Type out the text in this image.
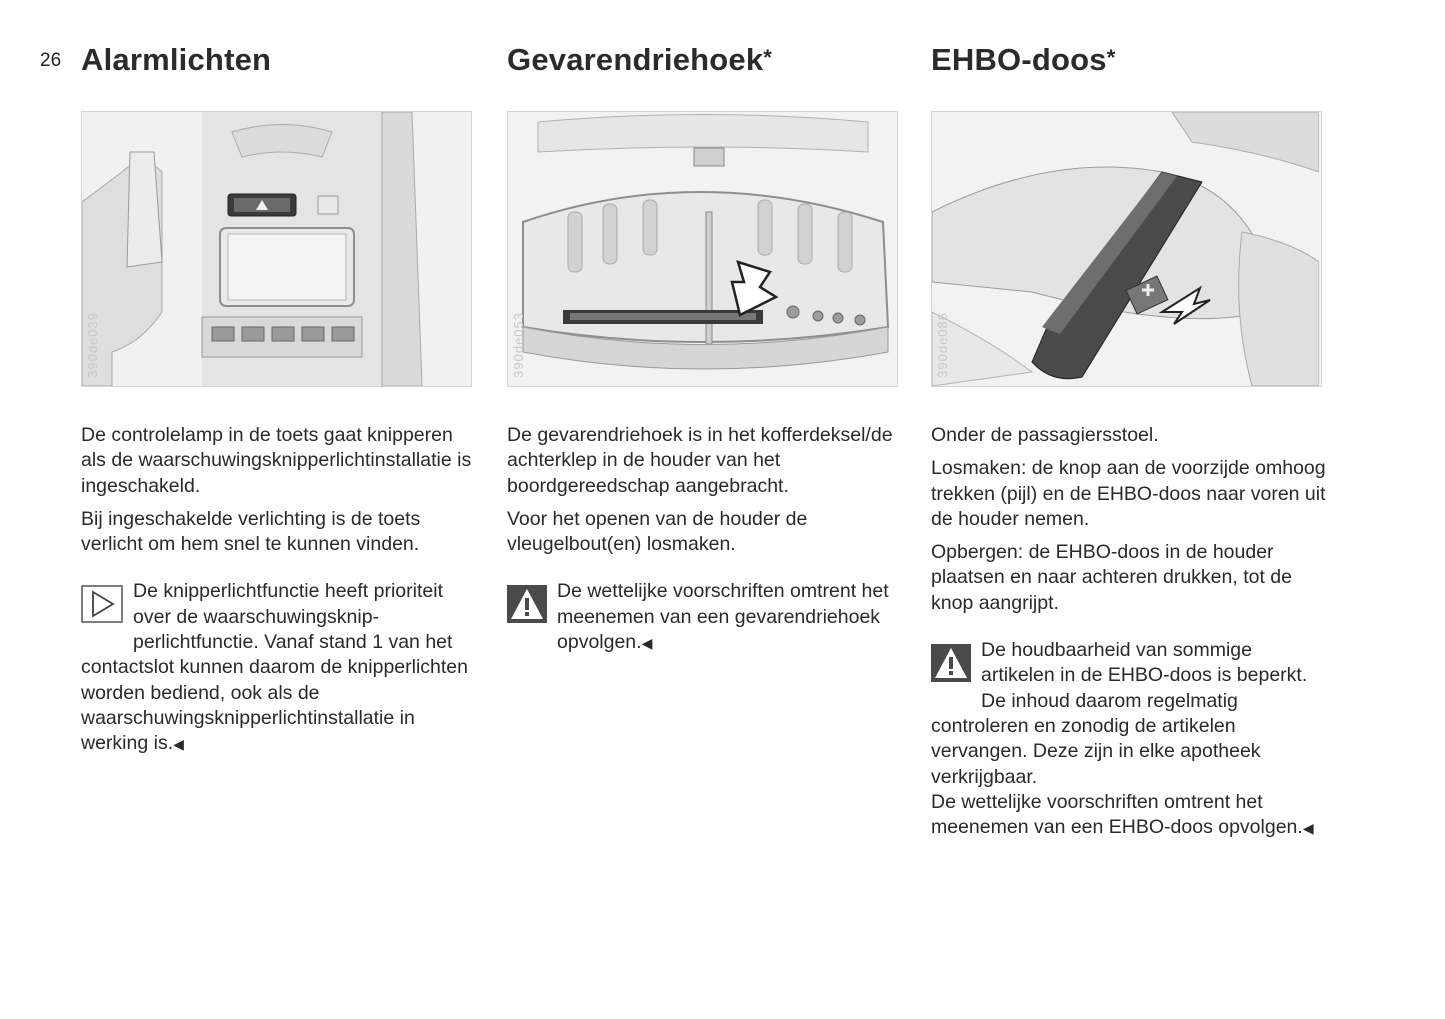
26 Alarmlichten
390de039

De controlelamp in de toets gaat knipperen als de waarschuwingsknipperlichtinstallatie is ingeschakeld.

Bij ingeschakelde verlichting is de toets verlicht om hem snel te kunnen vinden.

De knipperlichtfunctie heeft prioriteit over de waarschuwingsknipperlichtfunctie. Vanaf stand 1 van het contactslot kunnen daarom de knipperlichten worden bediend, ook als de waarschuwingsknipperlichtinstallatie in werking is.◀
Gevarendriehoek*
390de053

De gevarendriehoek is in het kofferdeksel/de achterklep in de houder van het boordgereedschap aangebracht.

Voor het openen van de houder de vleugelbout(en) losmaken.

De wettelijke voorschriften omtrent het meenemen van een gevarendriehoek opvolgen.◀
EHBO-doos*
390de086

Onder de passagiersstoel.

Losmaken: de knop aan de voorzijde omhoog trekken (pijl) en de EHBO-doos naar voren uit de houder nemen.

Opbergen: de EHBO-doos in de houder plaatsen en naar achteren drukken, tot de knop aangrijpt.

De houdbaarheid van sommige artikelen in de EHBO-doos is beperkt. De inhoud daarom regelmatig controleren en zonodig de artikelen vervangen. Deze zijn in elke apotheek verkrijgbaar.
De wettelijke voorschriften omtrent het meenemen van een EHBO-doos opvolgen.◀
